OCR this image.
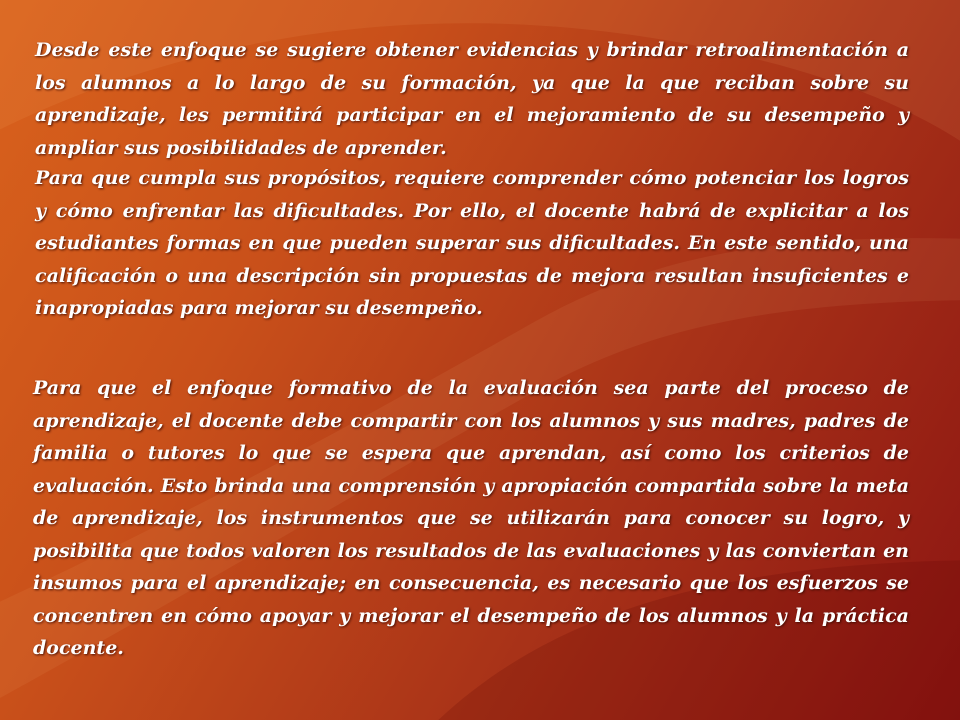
Desde este enfoque se sugiere obtener evidencias y brindar retroalimentación a los alumnos a lo largo de su formación, ya que la que reciban sobre su aprendizaje, les permitirá participar en el mejoramiento de su desempeño y ampliar sus posibilidades de aprender.

Para que cumpla sus propósitos, requiere comprender cómo potenciar los logros y cómo enfrentar las dificultades. Por ello, el docente habrá de explicitar a los estudiantes formas en que pueden superar sus dificultades. En este sentido, una calificación o una descripción sin propuestas de mejora resultan insuficientes e inapropiadas para mejorar su desempeño.

Para que el enfoque formativo de la evaluación sea parte del proceso de aprendizaje, el docente debe compartir con los alumnos y sus madres, padres de familia o tutores lo que se espera que aprendan, así como los criterios de evaluación. Esto brinda una comprensión y apropiación compartida sobre la meta de aprendizaje, los instrumentos que se utilizarán para conocer su logro, y posibilita que todos valoren los resultados de las evaluaciones y las conviertan en insumos para el aprendizaje; en consecuencia, es necesario que los esfuerzos se concentren en cómo apoyar y mejorar el desempeño de los alumnos y la práctica docente.
